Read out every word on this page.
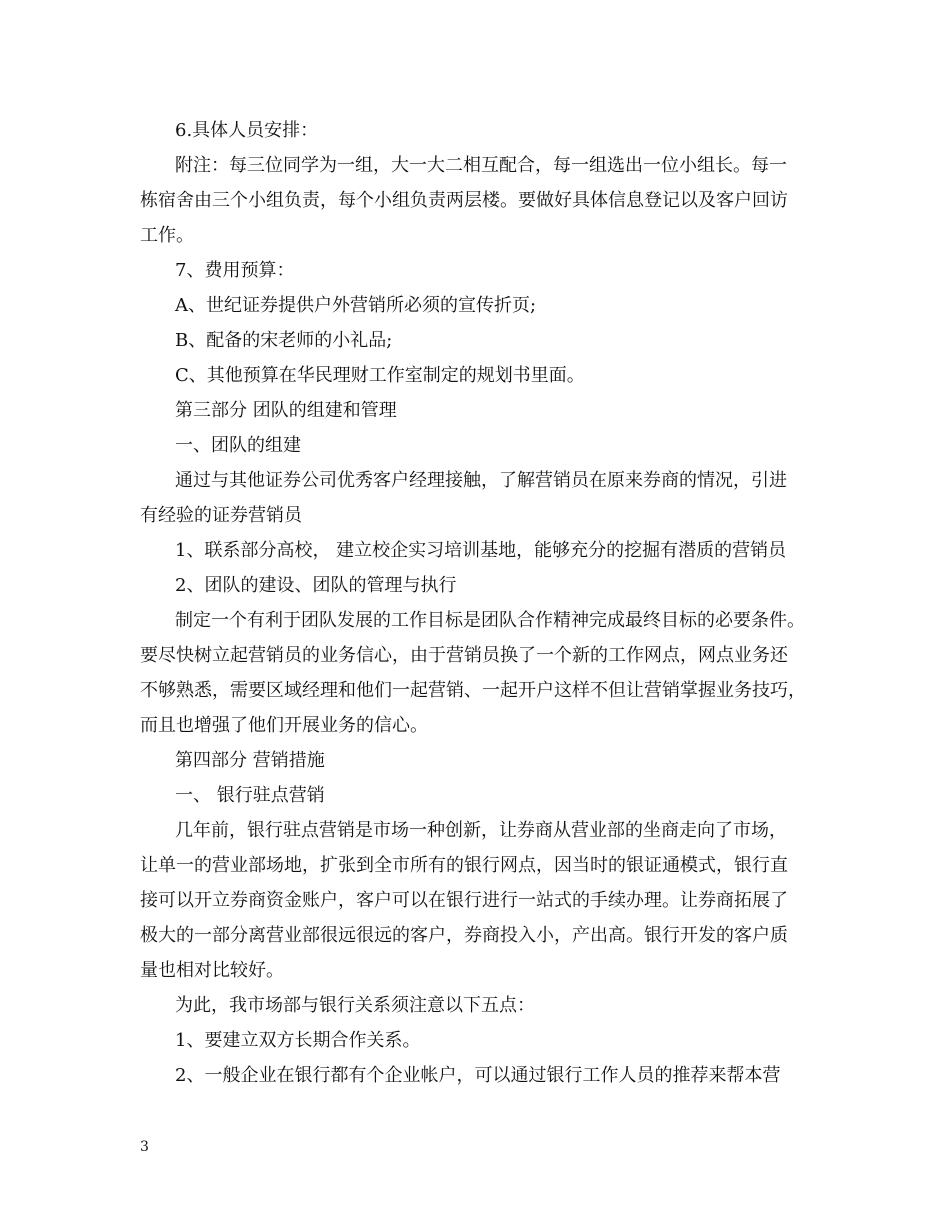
6.具体人员安排：

附注：每三位同学为一组，大一大二相互配合，每一组选出一位小组长。每一

栋宿舍由三个小组负责，每个小组负责两层楼。要做好具体信息登记以及客户回访

工作。

7、费用预算：

A、世纪证券提供户外营销所必须的宣传折页;

B、配备的宋老师的小礼品;

C、其他预算在华民理财工作室制定的规划书里面。

第三部分 团队的组建和管理

一、团队的组建

通过与其他证券公司优秀客户经理接触，了解营销员在原来券商的情况，引进

有经验的证券营销员

1、联系部分高校， 建立校企实习培训基地，能够充分的挖掘有潜质的营销员

2、团队的建设、团队的管理与执行

制定一个有利于团队发展的工作目标是团队合作精神完成最终目标的必要条件。

要尽快树立起营销员的业务信心，由于营销员换了一个新的工作网点，网点业务还

不够熟悉，需要区域经理和他们一起营销、一起开户这样不但让营销掌握业务技巧，

而且也增强了他们开展业务的信心。

第四部分 营销措施

一、 银行驻点营销

几年前，银行驻点营销是市场一种创新，让券商从营业部的坐商走向了市场，

让单一的营业部场地，扩张到全市所有的银行网点，因当时的银证通模式，银行直

接可以开立券商资金账户，客户可以在银行进行一站式的手续办理。让券商拓展了

极大的一部分离营业部很远很远的客户，券商投入小，产出高。银行开发的客户质

量也相对比较好。

为此，我市场部与银行关系须注意以下五点：

1、要建立双方长期合作关系。

2、一般企业在银行都有个企业帐户，可以通过银行工作人员的推荐来帮本营

3
